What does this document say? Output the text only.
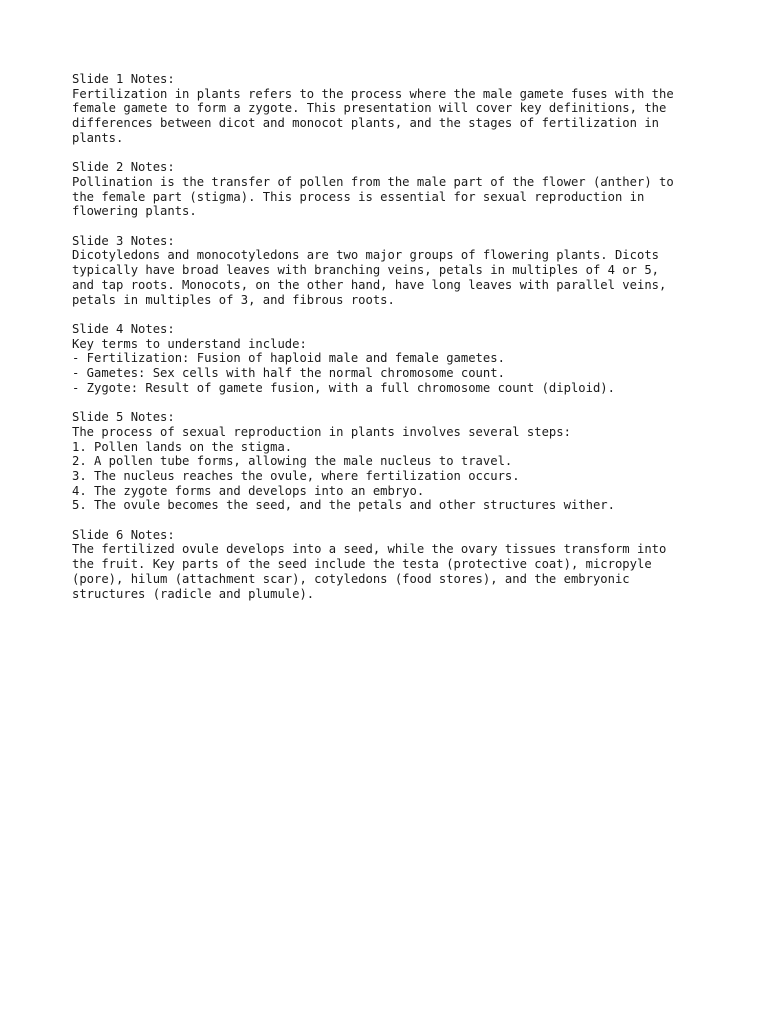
Slide 1 Notes:
Fertilization in plants refers to the process where the male gamete fuses with the
female gamete to form a zygote. This presentation will cover key definitions, the
differences between dicot and monocot plants, and the stages of fertilization in
plants.
Slide 2 Notes:
Pollination is the transfer of pollen from the male part of the flower (anther) to
the female part (stigma). This process is essential for sexual reproduction in
flowering plants.
Slide 3 Notes:
Dicotyledons and monocotyledons are two major groups of flowering plants. Dicots
typically have broad leaves with branching veins, petals in multiples of 4 or 5,
and tap roots. Monocots, on the other hand, have long leaves with parallel veins,
petals in multiples of 3, and fibrous roots.
Slide 4 Notes:
Key terms to understand include:
- Fertilization: Fusion of haploid male and female gametes.
- Gametes: Sex cells with half the normal chromosome count.
- Zygote: Result of gamete fusion, with a full chromosome count (diploid).
Slide 5 Notes:
The process of sexual reproduction in plants involves several steps:
1. Pollen lands on the stigma.
2. A pollen tube forms, allowing the male nucleus to travel.
3. The nucleus reaches the ovule, where fertilization occurs.
4. The zygote forms and develops into an embryo.
5. The ovule becomes the seed, and the petals and other structures wither.
Slide 6 Notes:
The fertilized ovule develops into a seed, while the ovary tissues transform into
the fruit. Key parts of the seed include the testa (protective coat), micropyle
(pore), hilum (attachment scar), cotyledons (food stores), and the embryonic
structures (radicle and plumule).
